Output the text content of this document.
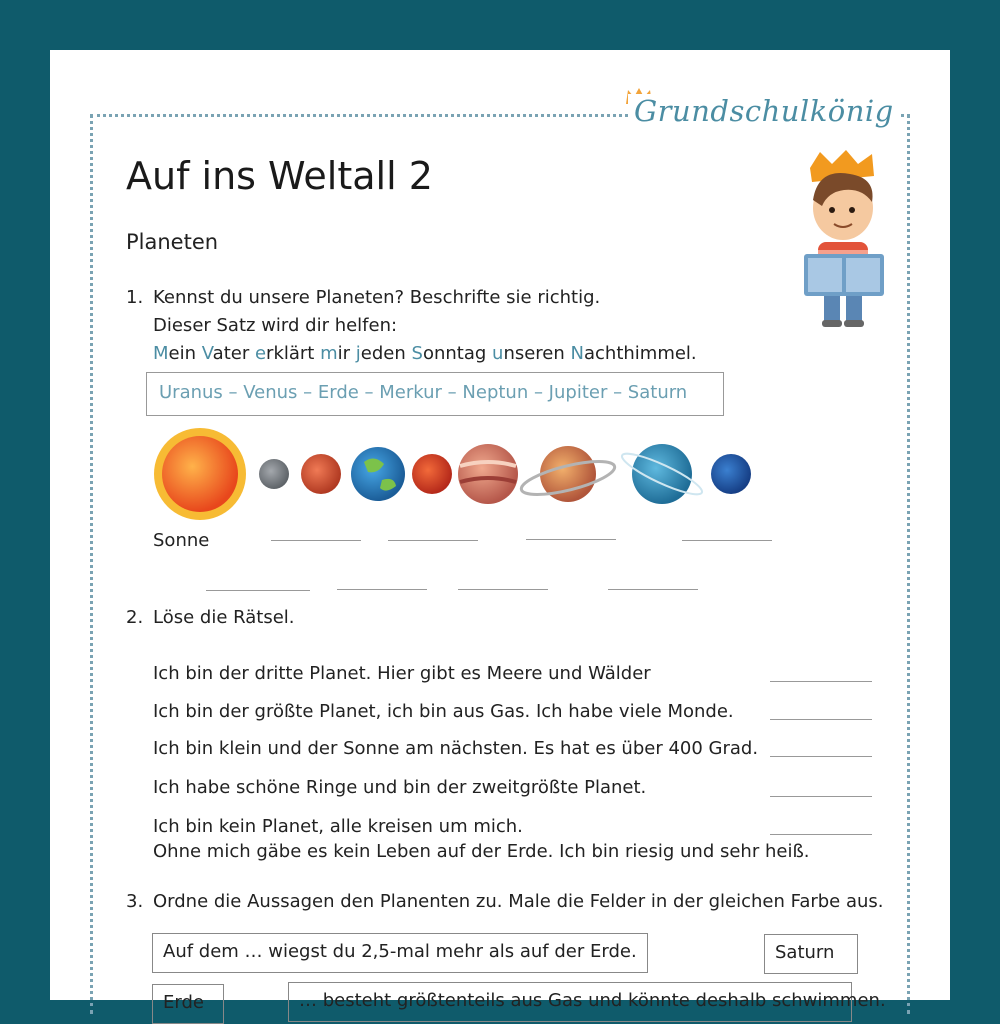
Grundschulkönig
Auf ins Weltall 2
Planeten
1. Kennst du unsere Planeten? Beschrifte sie richtig.
Dieser Satz wird dir helfen:
Mein Vater erklärt mir jeden Sonntag unseren Nachthimmel.
Uranus – Venus – Erde – Merkur – Neptun – Jupiter – Saturn
Sonne
2. Löse die Rätsel.
Ich bin der dritte Planet. Hier gibt es Meere und Wälder
Ich bin der größte Planet, ich bin aus Gas. Ich habe viele Monde.
Ich bin klein und der Sonne am nächsten. Es hat es über 400 Grad.
Ich habe schöne Ringe und bin der zweitgrößte Planet.
Ich bin kein Planet, alle kreisen um mich.
Ohne mich gäbe es kein Leben auf der Erde. Ich bin riesig und sehr heiß.
3. Ordne die Aussagen den Planenten zu. Male die Felder in der gleichen Farbe aus.
Auf dem … wiegst du 2,5-mal mehr als auf der Erde.	Saturn
Erde	… besteht größtenteils aus Gas und könnte deshalb schwimmen.
